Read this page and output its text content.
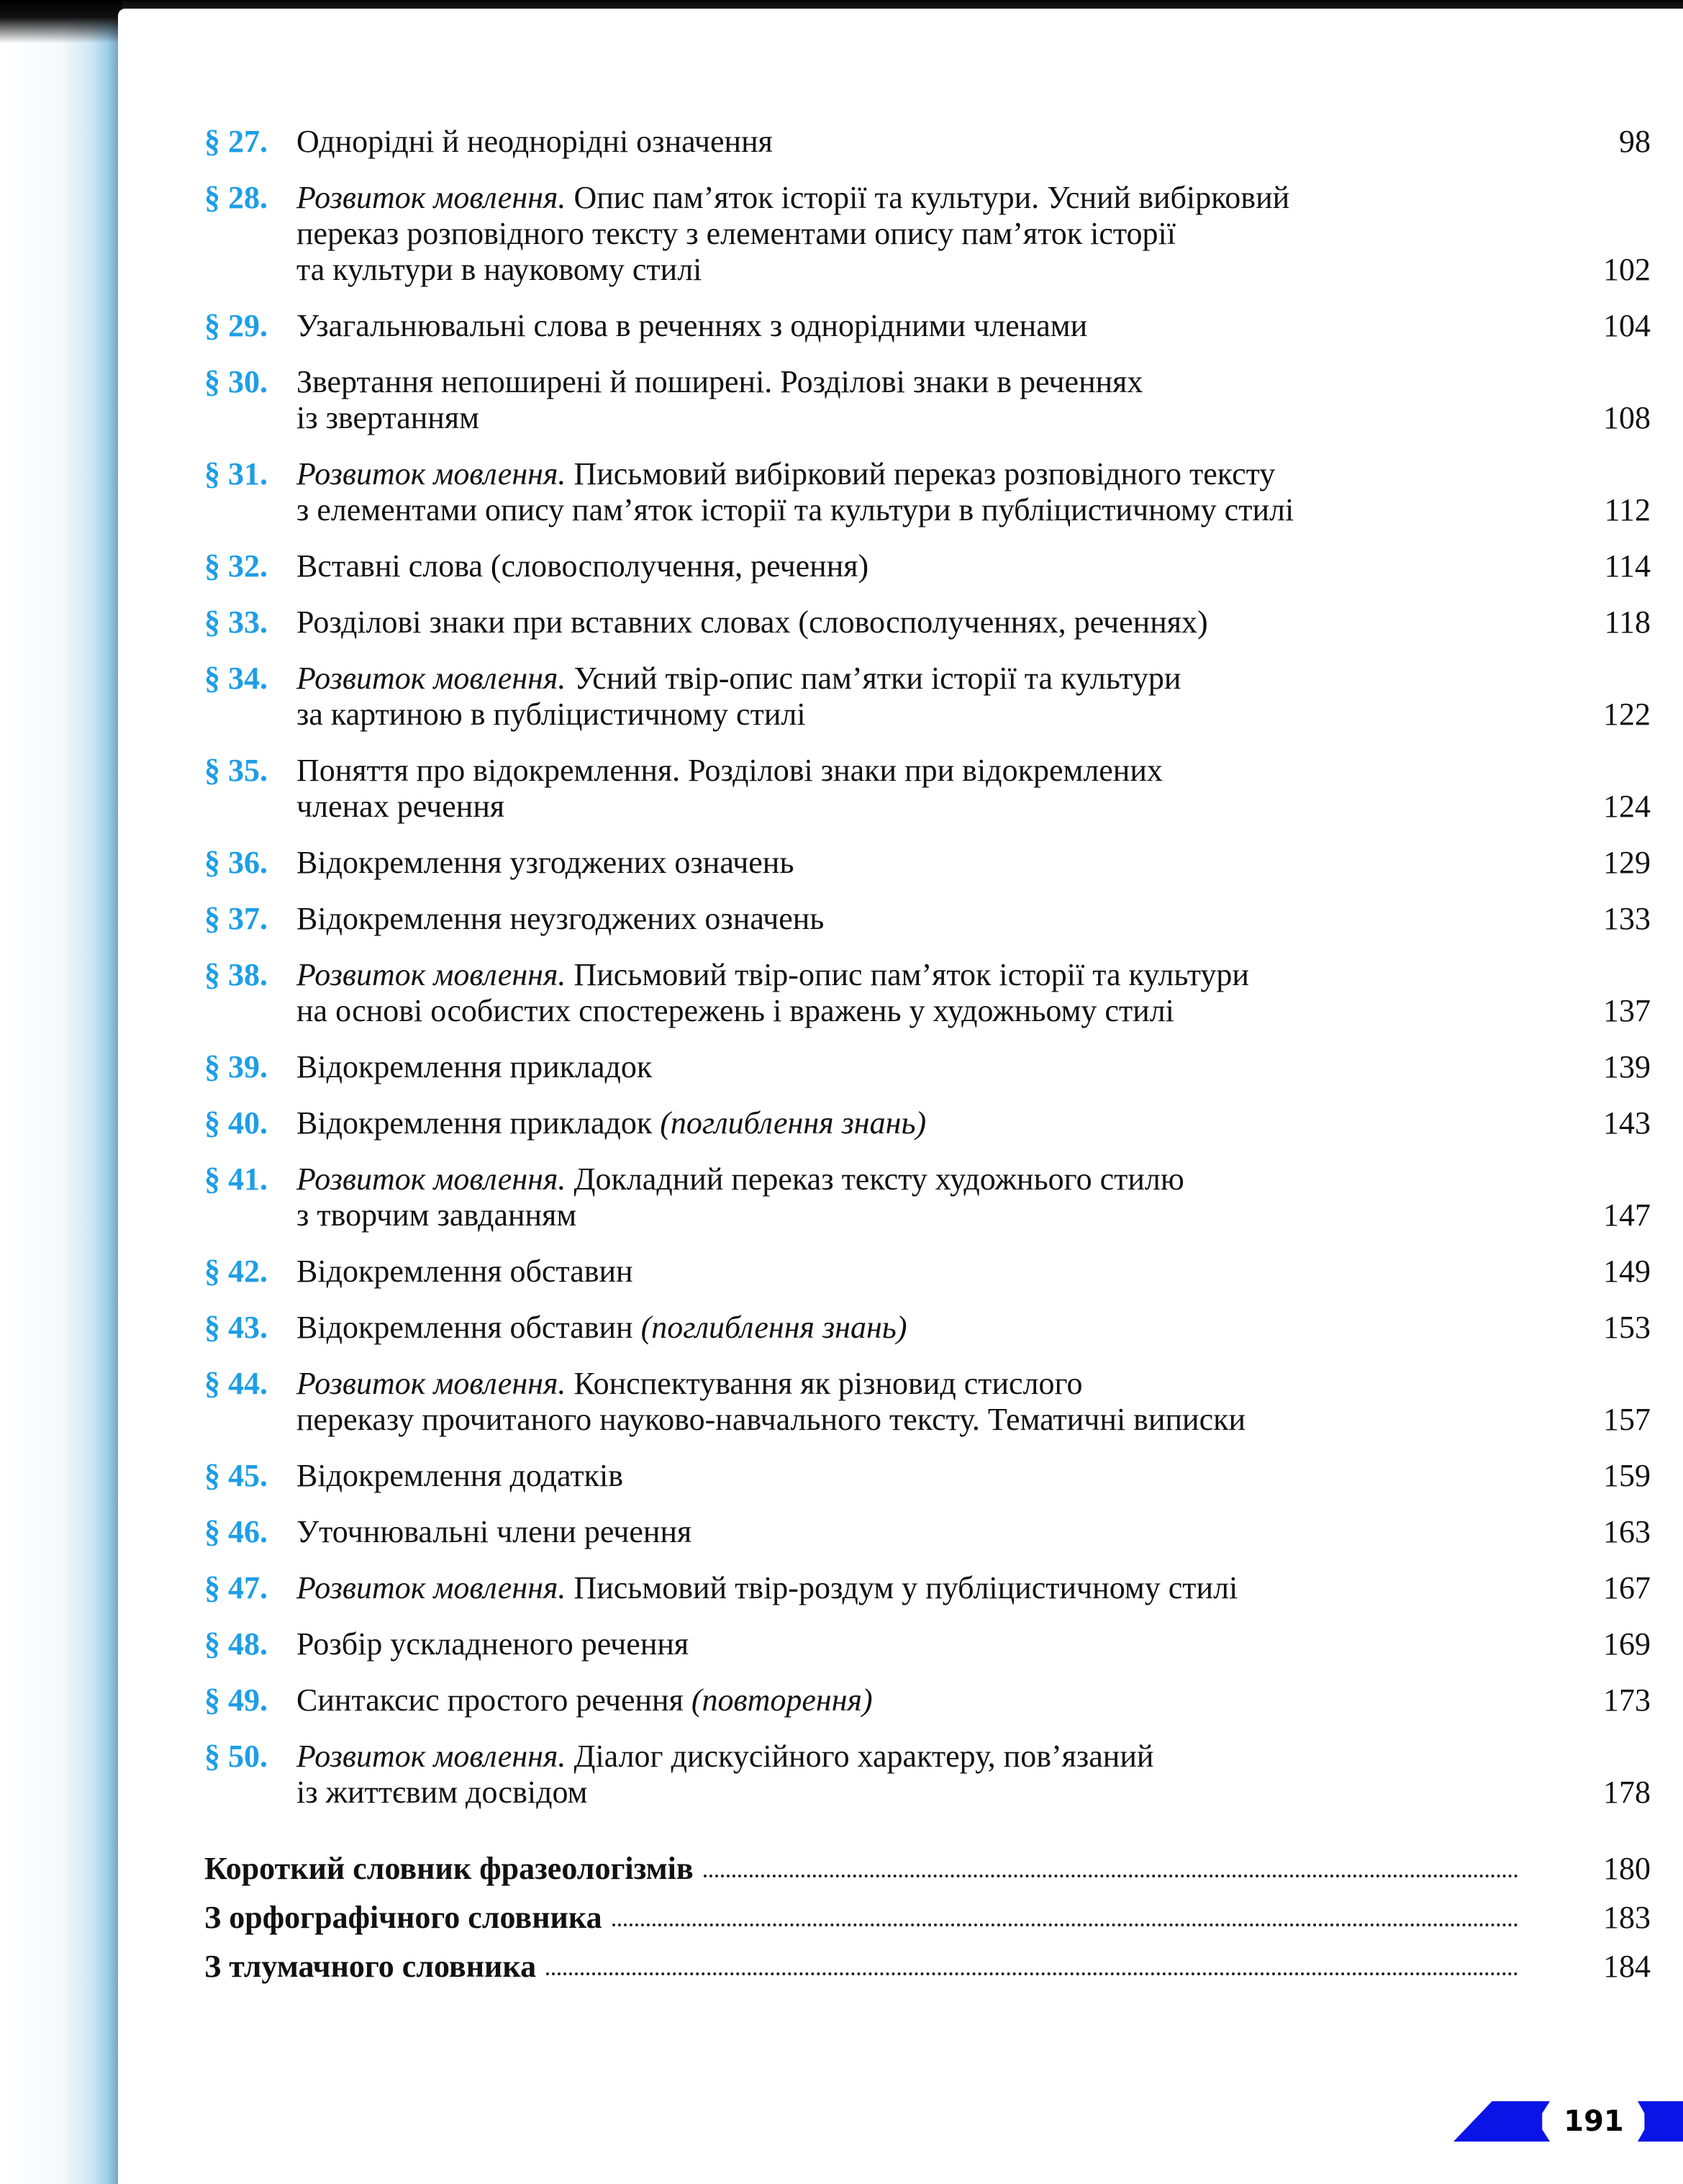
§ 27. Однорідні й неоднорідні означення	98
§ 28. Розвиток мовлення. Опис пам’яток історії та культури. Усний вибірковий
переказ розповідного тексту з елементами опису пам’яток історії
та культури в науковому стилі	102
§ 29. Узагальнювальні слова в реченнях з однорідними членами	104
§ 30. Звертання непоширені й поширені. Розділові знаки в реченнях
із звертанням	108
§ 31. Розвиток мовлення. Письмовий вибірковий переказ розповідного тексту
з елементами опису пам’яток історії та культури в публіцистичному стилі	112
§ 32. Вставні слова (словосполучення, речення)	114
§ 33. Розділові знаки при вставних словах (словосполученнях, реченнях)	118
§ 34. Розвиток мовлення. Усний твір-опис пам’ятки історії та культури
за картиною в публіцистичному стилі	122
§ 35. Поняття про відокремлення. Розділові знаки при відокремлених
членах речення	124
§ 36. Відокремлення узгоджених означень	129
§ 37. Відокремлення неузгоджених означень	133
§ 38. Розвиток мовлення. Письмовий твір-опис пам’яток історії та культури
на основі особистих спостережень і вражень у художньому стилі	137
§ 39. Відокремлення прикладок	139
§ 40. Відокремлення прикладок (поглиблення знань)	143
§ 41. Розвиток мовлення. Докладний переказ тексту художнього стилю
з творчим завданням	147
§ 42. Відокремлення обставин	149
§ 43. Відокремлення обставин (поглиблення знань)	153
§ 44. Розвиток мовлення. Конспектування як різновид стислого
переказу прочитаного науково-навчального тексту. Тематичні виписки	157
§ 45. Відокремлення додатків	159
§ 46. Уточнювальні члени речення	163
§ 47. Розвиток мовлення. Письмовий твір-роздум у публіцистичному стилі	167
§ 48. Розбір ускладненого речення	169
§ 49. Синтаксис простого речення (повторення)	173
§ 50. Розвиток мовлення. Діалог дискусійного характеру, пов’язаний
із життєвим досвідом	178
Короткий словник фразеологізмів	180
З орфографічного словника	183
З тлумачного словника	184
191
